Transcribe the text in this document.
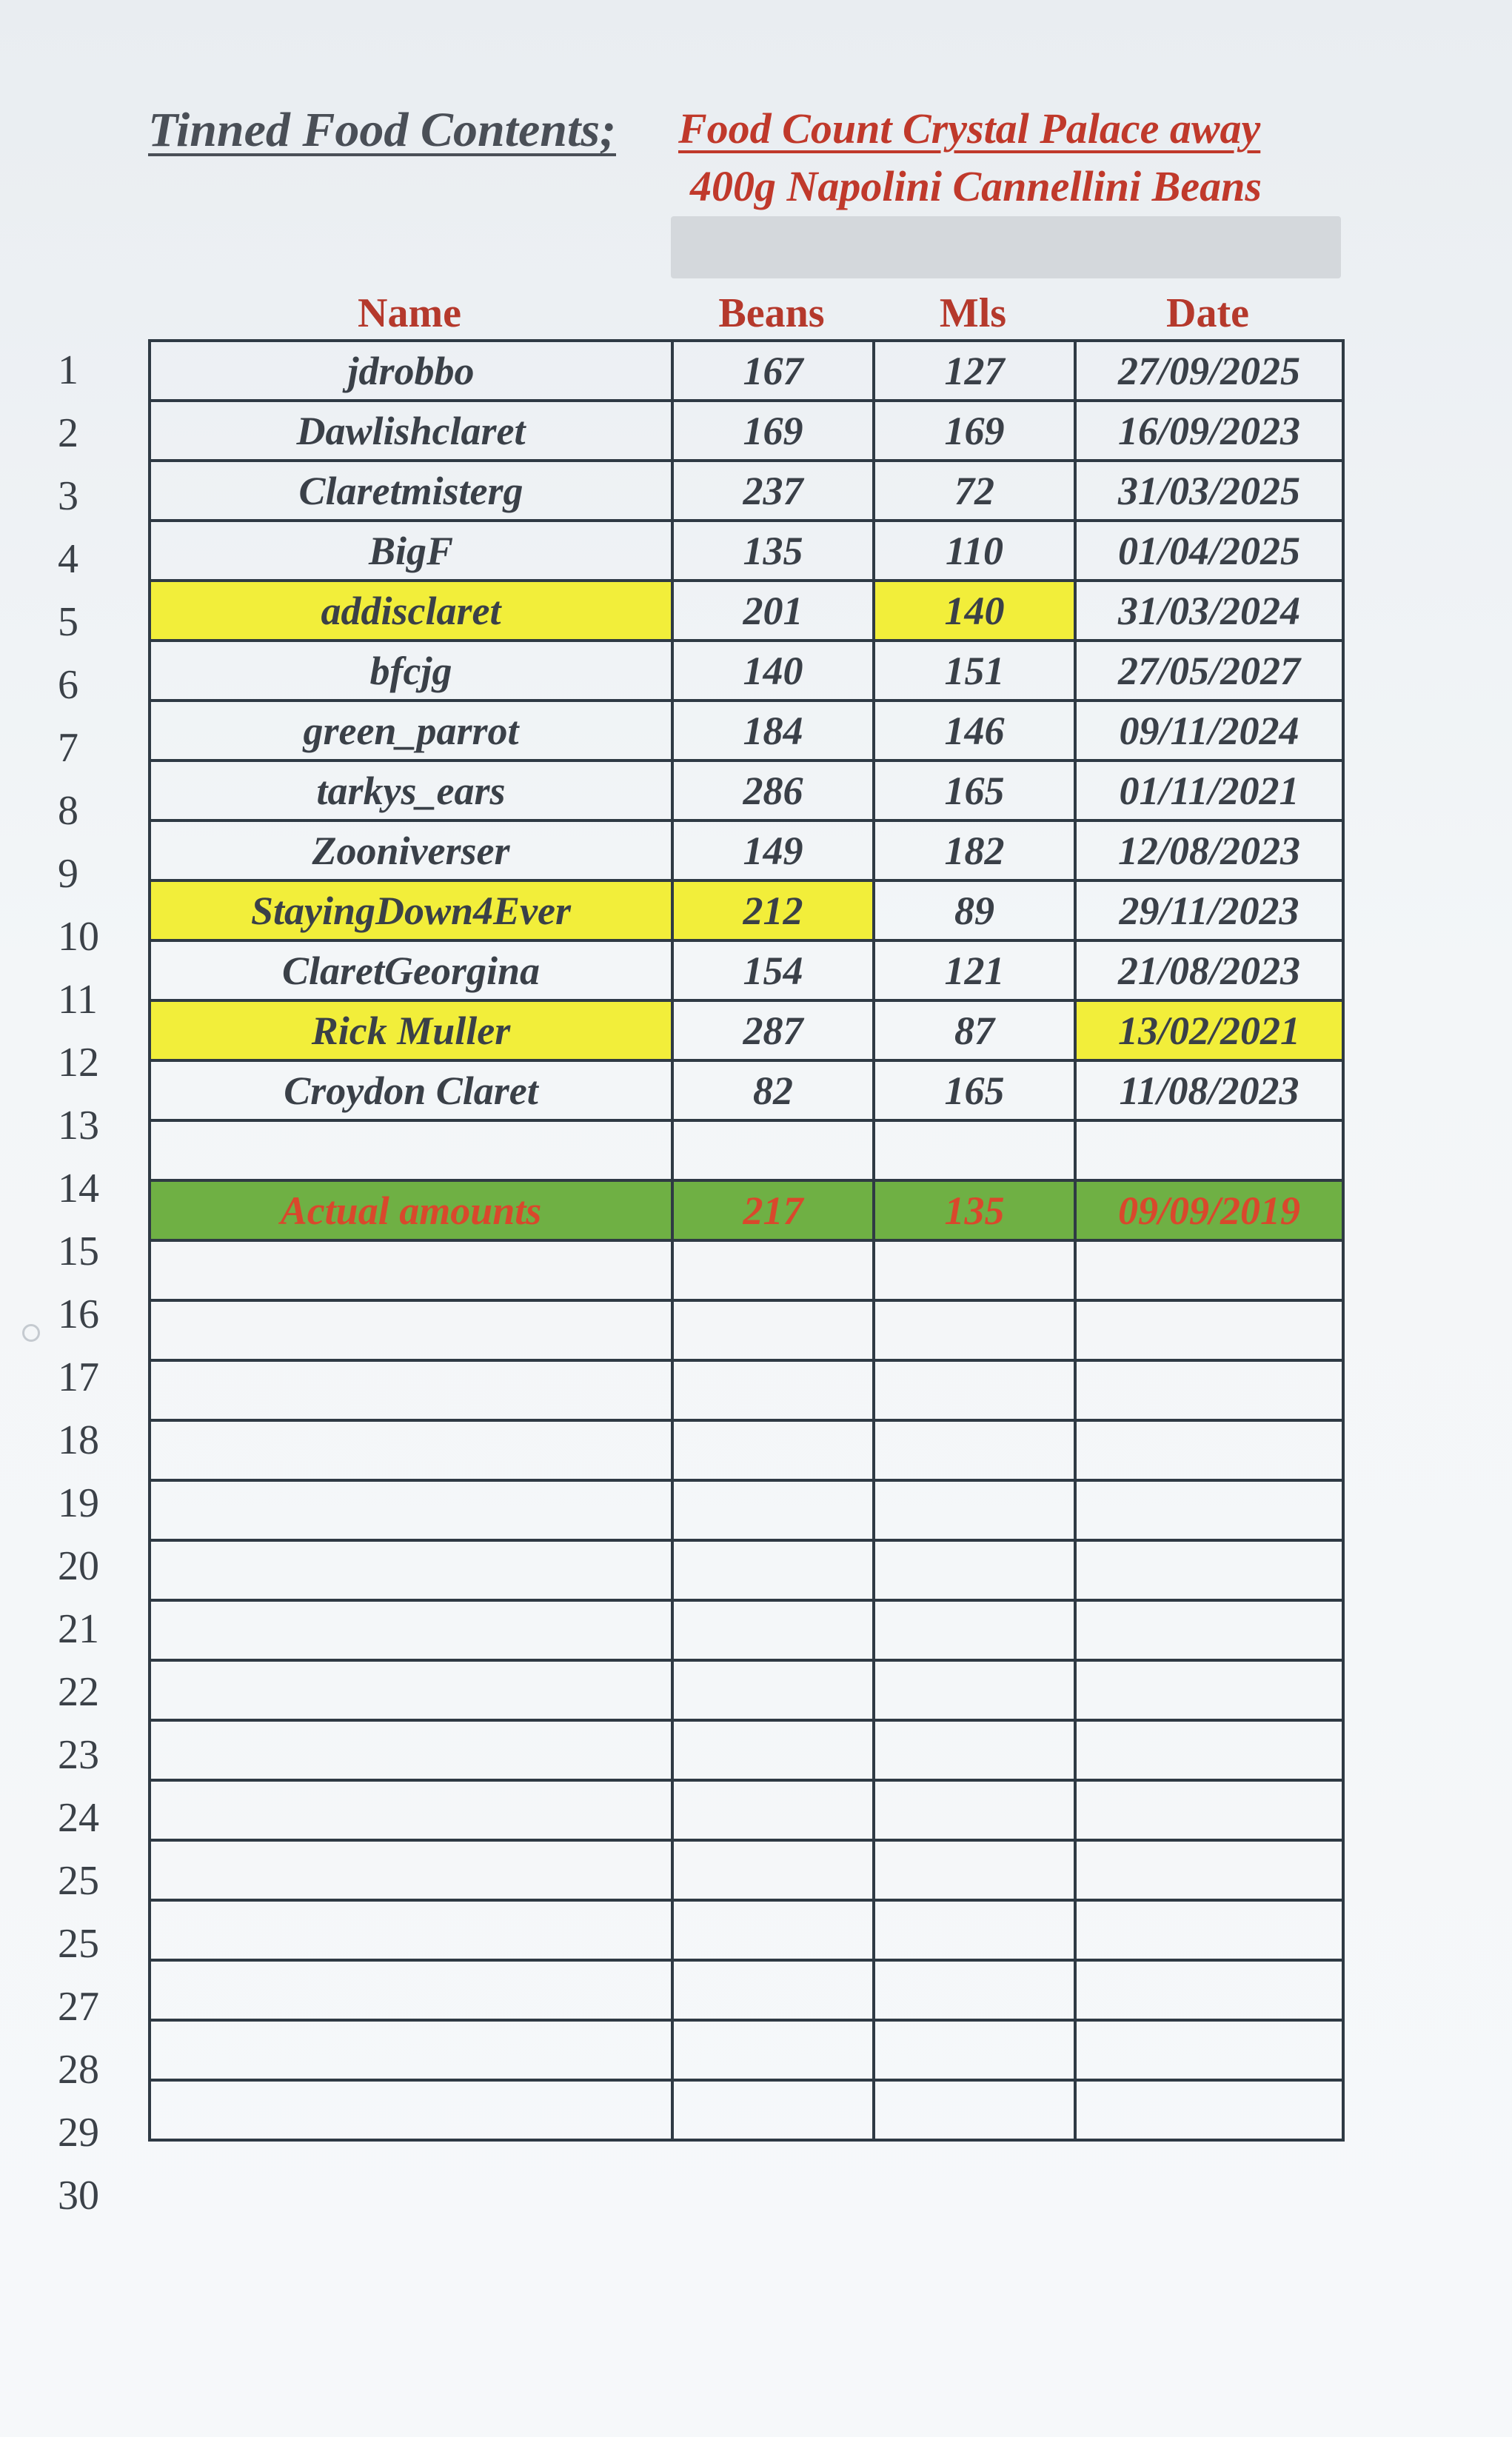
Tinned Food Contents; Food Count Crystal Palace away
400g Napolini Cannellini Beans
Name	Beans	Mls	Date
1
2
3
4
5
6
7
8
9
10
11
12
13
14
15
16
17
18
19
20
21
22
23
24
25
25
27
28
29
30
jdrobbo	167	127	27/09/2025
Dawlishclaret	169	169	16/09/2023
Claretmisterg	237	72	31/03/2025
BigF	135	110	01/04/2025
addisclaret	201	140	31/03/2024
bfcjg	140	151	27/05/2027
green_parrot	184	146	09/11/2024
tarkys_ears	286	165	01/11/2021
Zooniverser	149	182	12/08/2023
StayingDown4Ever	212	89	29/11/2023
ClaretGeorgina	154	121	21/08/2023
Rick Muller	287	87	13/02/2021
Croydon Claret	82	165	11/08/2023

Actual amounts	217	135	09/09/2019
